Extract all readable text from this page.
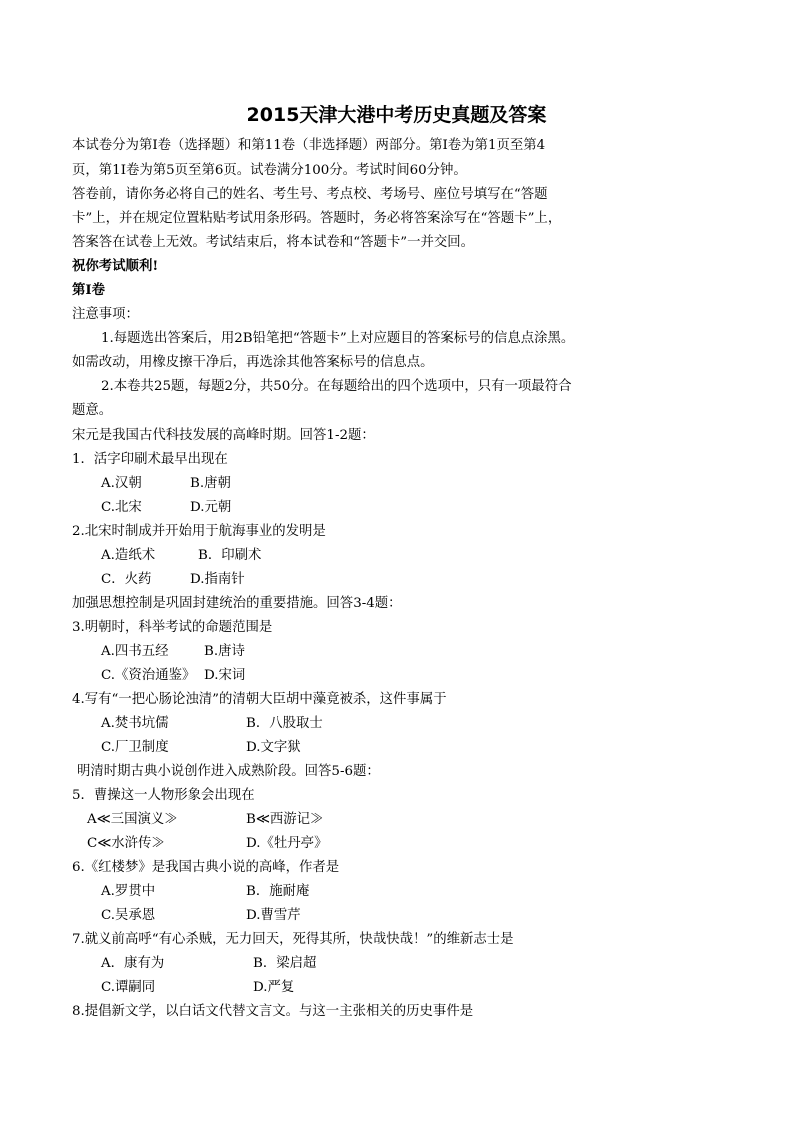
2015天津大港中考历史真题及答案
本试卷分为第Ⅰ卷（选择题）和第11卷（非选择题）两部分。第Ⅰ卷为第1页至第4
页，第1I卷为第5页至第6页。试卷满分100分。考试时间60分钟。
答卷前，请你务必将自己的姓名、考生号、考点校、考场号、座位号填写在“答题
卡”上，并在规定位置粘贴考试用条形码。答题时，务必将答案涂写在“答题卡”上，
答案答在试卷上无效。考试结束后，将本试卷和“答题卡”一并交回。
祝你考试顺利!
第Ⅰ卷
注意事项：
1.每题选出答案后，用2B铅笔把“答题卡”上对应题目的答案标号的信息点涂黑。
如需改动，用橡皮擦干净后，再选涂其他答案标号的信息点。
2.本卷共25题，每题2分，共50分。在每题给出的四个选项中，只有一项最符合
题意。
宋元是我国古代科技发展的高峰时期。回答1-2题：
1．活字印刷术最早出现在
A.汉朝	B.唐朝
C.北宋	D.元朝
2.北宋时制成并开始用于航海事业的发明是
A.造纸术	B．印刷术
C．火药	D.指南针
加强思想控制是巩固封建统治的重要措施。回答3-4题：
3.明朝时，科举考试的命题范围是
A.四书五经	B.唐诗
C.《资治通鉴》 D.宋词
4.写有“一把心肠论浊清”的清朝大臣胡中藻竟被杀，这件事属于
A.焚书坑儒	B．八股取士
C.厂卫制度	D.文字狱
明清时期古典小说创作进入成熟阶段。回答5-6题：
5．曹操这一人物形象会出现在
A≪三国演义≫	B≪西游记≫
C≪水浒传≫	D.《牡丹亭》
6.《红楼梦》是我国古典小说的高峰，作者是
A.罗贯中	B．施耐庵
C.吴承恩	D.曹雪芹
7.就义前高呼“有心杀贼，无力回天，死得其所，快哉快哉！”的维新志士是
A．康有为	B．梁启超
C.谭嗣同	D.严复
8.提倡新文学，以白话文代替文言文。与这一主张相关的历史事件是
